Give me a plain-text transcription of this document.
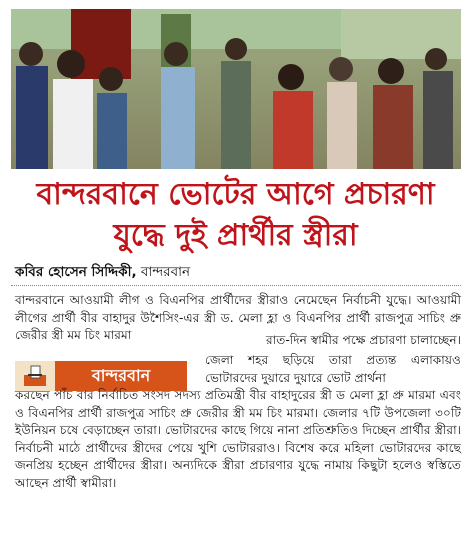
বান্দরবানে ভোটের আগে প্রচারণা
যুদ্ধে দুই প্রার্থীর স্ত্রীরা
কবির হোসেন সিদ্দিকী, বান্দরবান
বান্দরবানে আওয়ামী লীগ ও বিএনপির প্রার্থীদের স্ত্রীরাও নেমেছেন নির্বাচনী যুদ্ধে। আওয়ামী লীগের প্রার্থী বীর বাহাদুর উশৈসিং-এর স্ত্রী ড. মেলা হ্লা ও বিএনপির প্রার্থী রাজপুত্র সাচিং প্রু জেরীর স্ত্রী মম চিং মারমা	রাত-দিন স্বামীর পক্ষে প্রচারণা চালাচ্ছেন।
বান্দরবান
জেলা শহর ছড়িয়ে তারা প্রত্যন্ত এলাকায়ও ভোটারদের দুয়ারে দুয়ারে ভোট প্রার্থনা
করছেন পাঁচ বার নির্বাচিত সংসদ সদস্য প্রতিমন্ত্রী বীর বাহাদুরের স্ত্রী ড মেলা হ্লা প্রু মারমা এবং ও বিএনপির প্রার্থী রাজপুত্র সাচিং প্রু জেরীর স্ত্রী মম চিং মারমা। জেলার ৭টি উপজেলা ৩০টি ইউনিয়ন চষে বেড়াচ্ছেন তারা। ভোটারদের কাছে গিয়ে নানা প্রতিশ্রুতিও দিচ্ছেন প্রার্থীর স্ত্রীরা। নির্বাচনী মাঠে প্রার্থীদের স্ত্রীদের পেয়ে খুশি ভোটাররাও। বিশেষ করে মহিলা ভোটারদের কাছে জনপ্রিয় হচ্ছেন প্রার্থীদের স্ত্রীরা। অন্যদিকে স্ত্রীরা প্রচারণার যুদ্ধে নামায় কিছুটা হলেও স্বস্তিতে আছেন প্রার্থী স্বামীরা।
